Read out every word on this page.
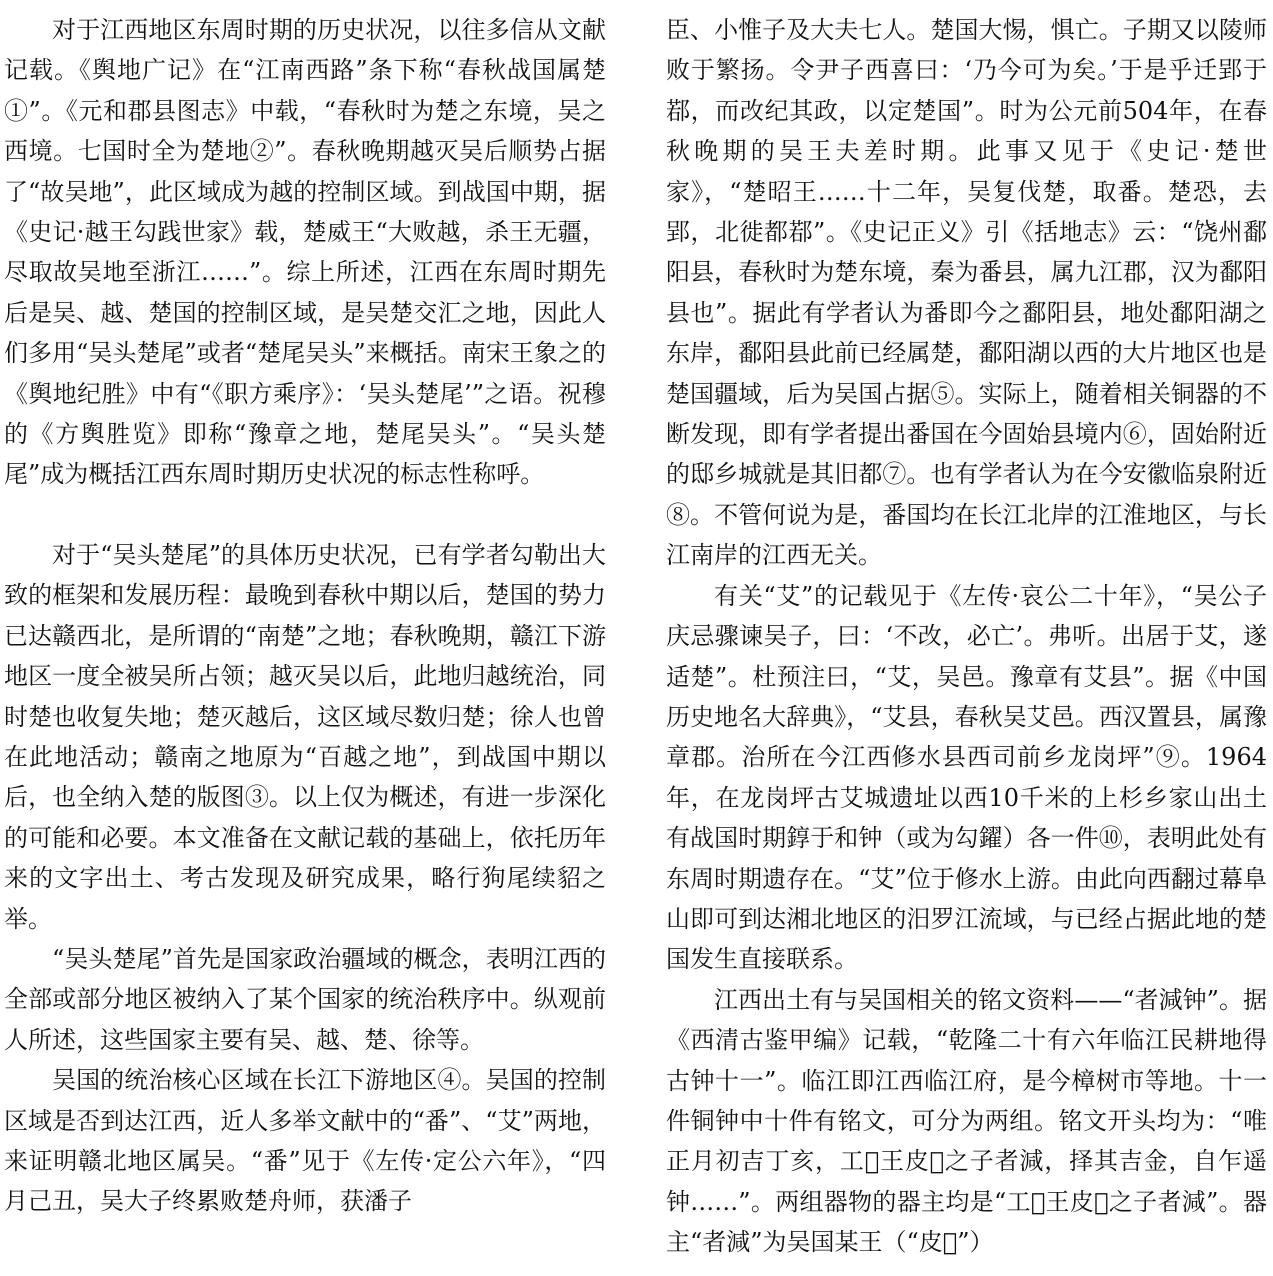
对于江西地区东周时期的历史状况，以往多信从文献记载。《舆地广记》在“江南西路”条下称“春秋战国属楚①”。《元和郡县图志》中载，“春秋时为楚之东境，吴之西境。七国时全为楚地②”。春秋晚期越灭吴后顺势占据了“故吴地”，此区域成为越的控制区域。到战国中期，据《史记·越王勾践世家》载，楚威王“大败越，杀王无疆，尽取故吴地至浙江……”。综上所述，江西在东周时期先后是吴、越、楚国的控制区域，是吴楚交汇之地，因此人们多用“吴头楚尾”或者“楚尾吴头”来概括。南宋王象之的《舆地纪胜》中有“《职方乘序》：‘吴头楚尾’”之语。祝穆的《方舆胜览》即称“豫章之地，楚尾吴头”。“吴头楚尾”成为概括江西东周时期历史状况的标志性称呼。

对于“吴头楚尾”的具体历史状况，已有学者勾勒出大致的框架和发展历程：最晚到春秋中期以后，楚国的势力已达赣西北，是所谓的“南楚”之地；春秋晚期，赣江下游地区一度全被吴所占领；越灭吴以后，此地归越统治，同时楚也收复失地；楚灭越后，这区域尽数归楚；徐人也曾在此地活动；赣南之地原为“百越之地”，到战国中期以后，也全纳入楚的版图③。以上仅为概述，有进一步深化的可能和必要。本文准备在文献记载的基础上，依托历年来的文字出土、考古发现及研究成果，略行狗尾续貂之举。

“吴头楚尾”首先是国家政治疆域的概念，表明江西的全部或部分地区被纳入了某个国家的统治秩序中。纵观前人所述，这些国家主要有吴、越、楚、徐等。

吴国的统治核心区域在长江下游地区④。吴国的控制区域是否到达江西，近人多举文献中的“番”、“艾”两地，来证明赣北地区属吴。“番”见于《左传·定公六年》，“四月己丑，吴大子终累败楚舟师，获潘子

臣、小惟子及大夫七人。楚国大惕，惧亡。子期又以陵师败于繁扬。令尹子西喜曰：‘乃今可为矣。’于是乎迁郢于鄀，而改纪其政，以定楚国”。时为公元前504年，在春秋晚期的吴王夫差时期。此事又见于《史记·楚世家》，“楚昭王……十二年，吴复伐楚，取番。楚恐，去郢，北徙都鄀”。《史记正义》引《括地志》云：“饶州鄱阳县，春秋时为楚东境，秦为番县，属九江郡，汉为鄱阳县也”。据此有学者认为番即今之鄱阳县，地处鄱阳湖之东岸，鄱阳县此前已经属楚，鄱阳湖以西的大片地区也是楚国疆域，后为吴国占据⑤。实际上，随着相关铜器的不断发现，即有学者提出番国在今固始县境内⑥，固始附近的邸乡城就是其旧都⑦。也有学者认为在今安徽临泉附近⑧。不管何说为是，番国均在长江北岸的江淮地区，与长江南岸的江西无关。

有关“艾”的记载见于《左传·哀公二十年》，“吴公子庆忌骤谏吴子，曰：‘不改，必亡’。弗听。出居于艾，遂适楚”。杜预注曰，“艾，吴邑。豫章有艾县”。据《中国历史地名大辞典》，“艾县，春秋吴艾邑。西汉置县，属豫章郡。治所在今江西修水县西司前乡龙岗坪”⑨。1964年，在龙岗坪古艾城遗址以西10千米的上杉乡家山出土有战国时期錞于和钟（或为勾鑃）各一件⑩，表明此处有东周时期遗存在。“艾”位于修水上游。由此向西翻过幕阜山即可到达湘北地区的汨罗江流域，与已经占据此地的楚国发生直接联系。

江西出土有与吴国相关的铭文资料——“者減钟”。据《西清古鉴甲编》记载，“乾隆二十有六年临江民耕地得古钟十一”。临江即江西临江府，是今樟树市等地。十一件铜钟中十件有铭文，可分为两组。铭文开头均为：“唯正月初吉丁亥，工𫊸王皮𪒠之子者減，择其吉金，自乍遥钟……”。两组器物的器主均是“工𫊸王皮𪒠之子者減”。器主“者減”为吴国某王（“皮𪒠”）
